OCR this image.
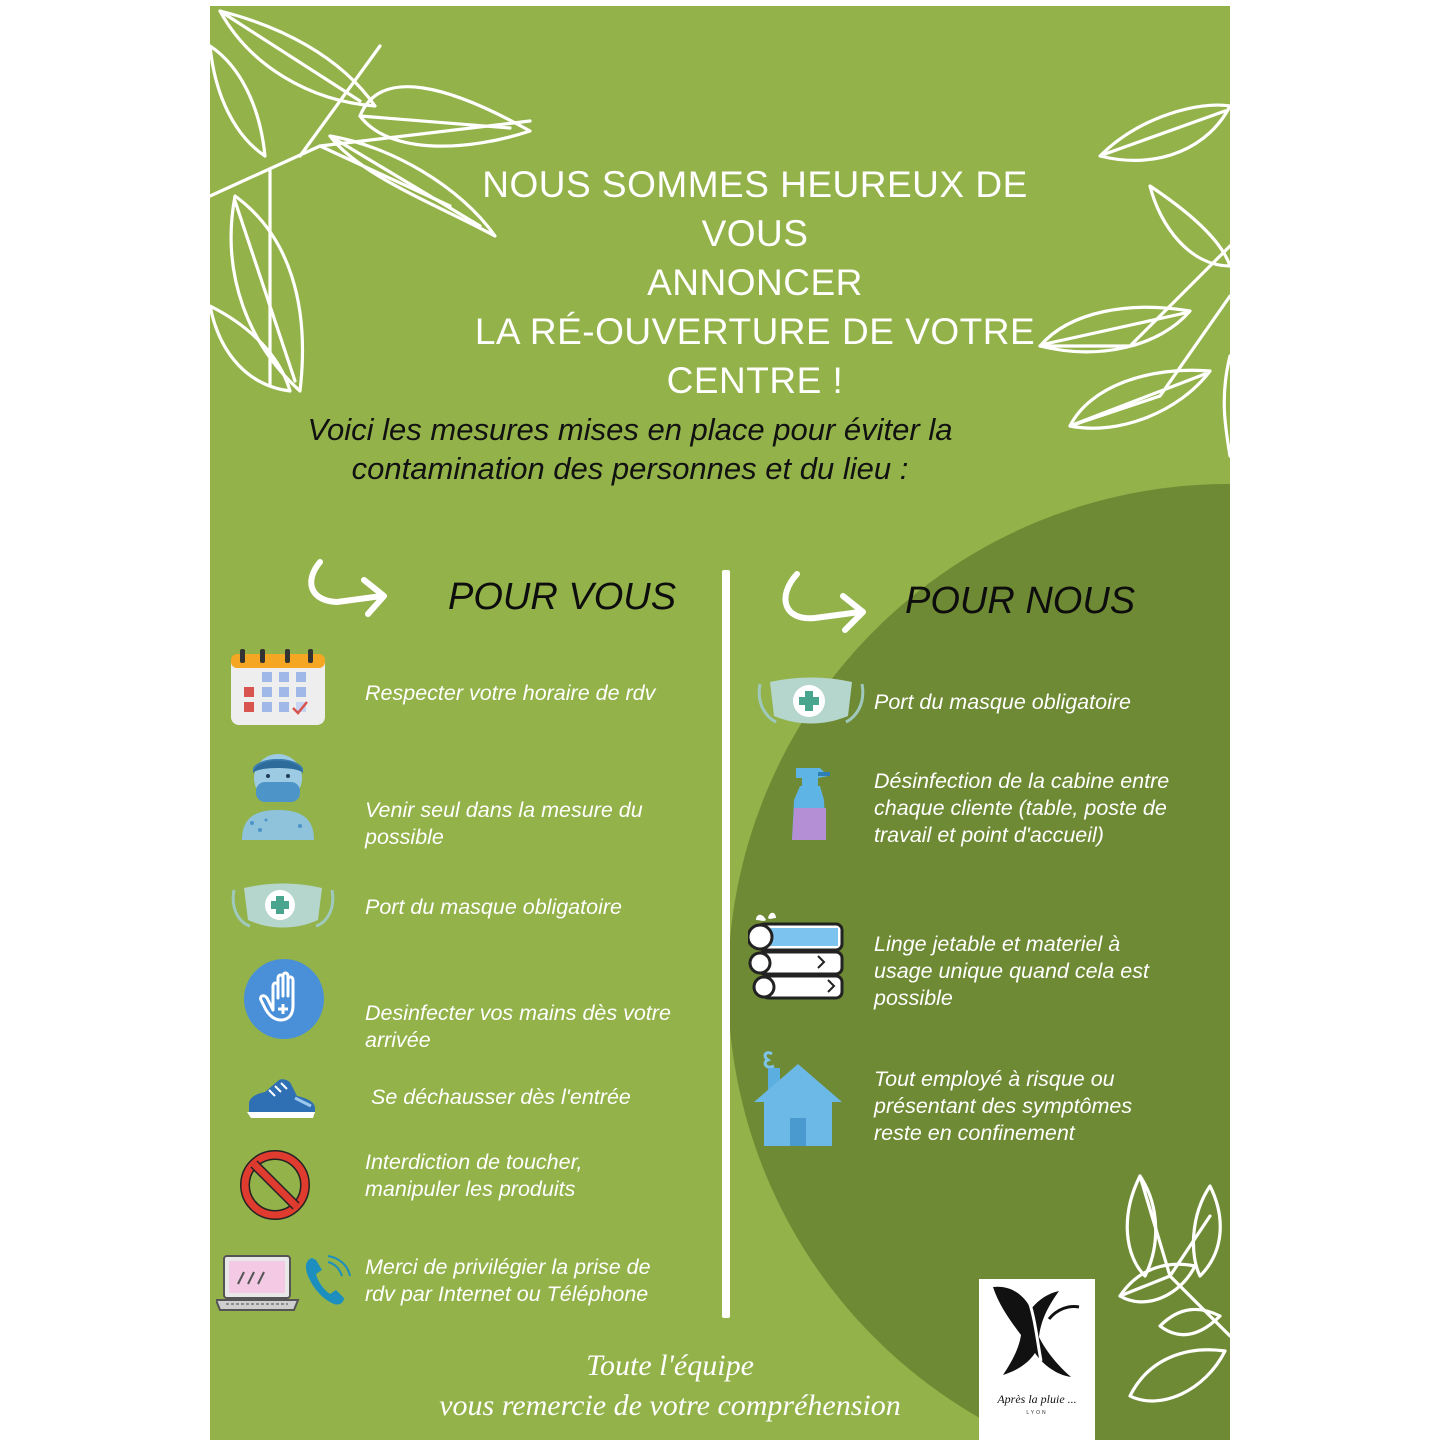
NOUS SOMMES HEUREUX DE VOUS
ANNONCER
LA RÉ-OUVERTURE DE VOTRE
CENTRE !
Voici les mesures mises en place pour éviter la
contamination des personnes et du lieu :
POUR VOUS	POUR NOUS
Respecter votre horaire de rdv
Venir seul dans la mesure du
possible
Port du masque obligatoire
Desinfecter vos mains dès votre
arrivée
Se déchausser dès l'entrée
Interdiction de toucher,
manipuler les produits
Merci de privilégier la prise de
rdv par Internet ou Téléphone
Port du masque obligatoire
Désinfection de la cabine entre
chaque cliente (table, poste de
travail et point d'accueil)
Linge jetable et materiel à
usage unique quand cela est
possible
Tout employé à risque ou
présentant des symptômes
reste en confinement
Toute l'équipe
vous remercie de votre compréhension	Après la pluie ...
LYON
